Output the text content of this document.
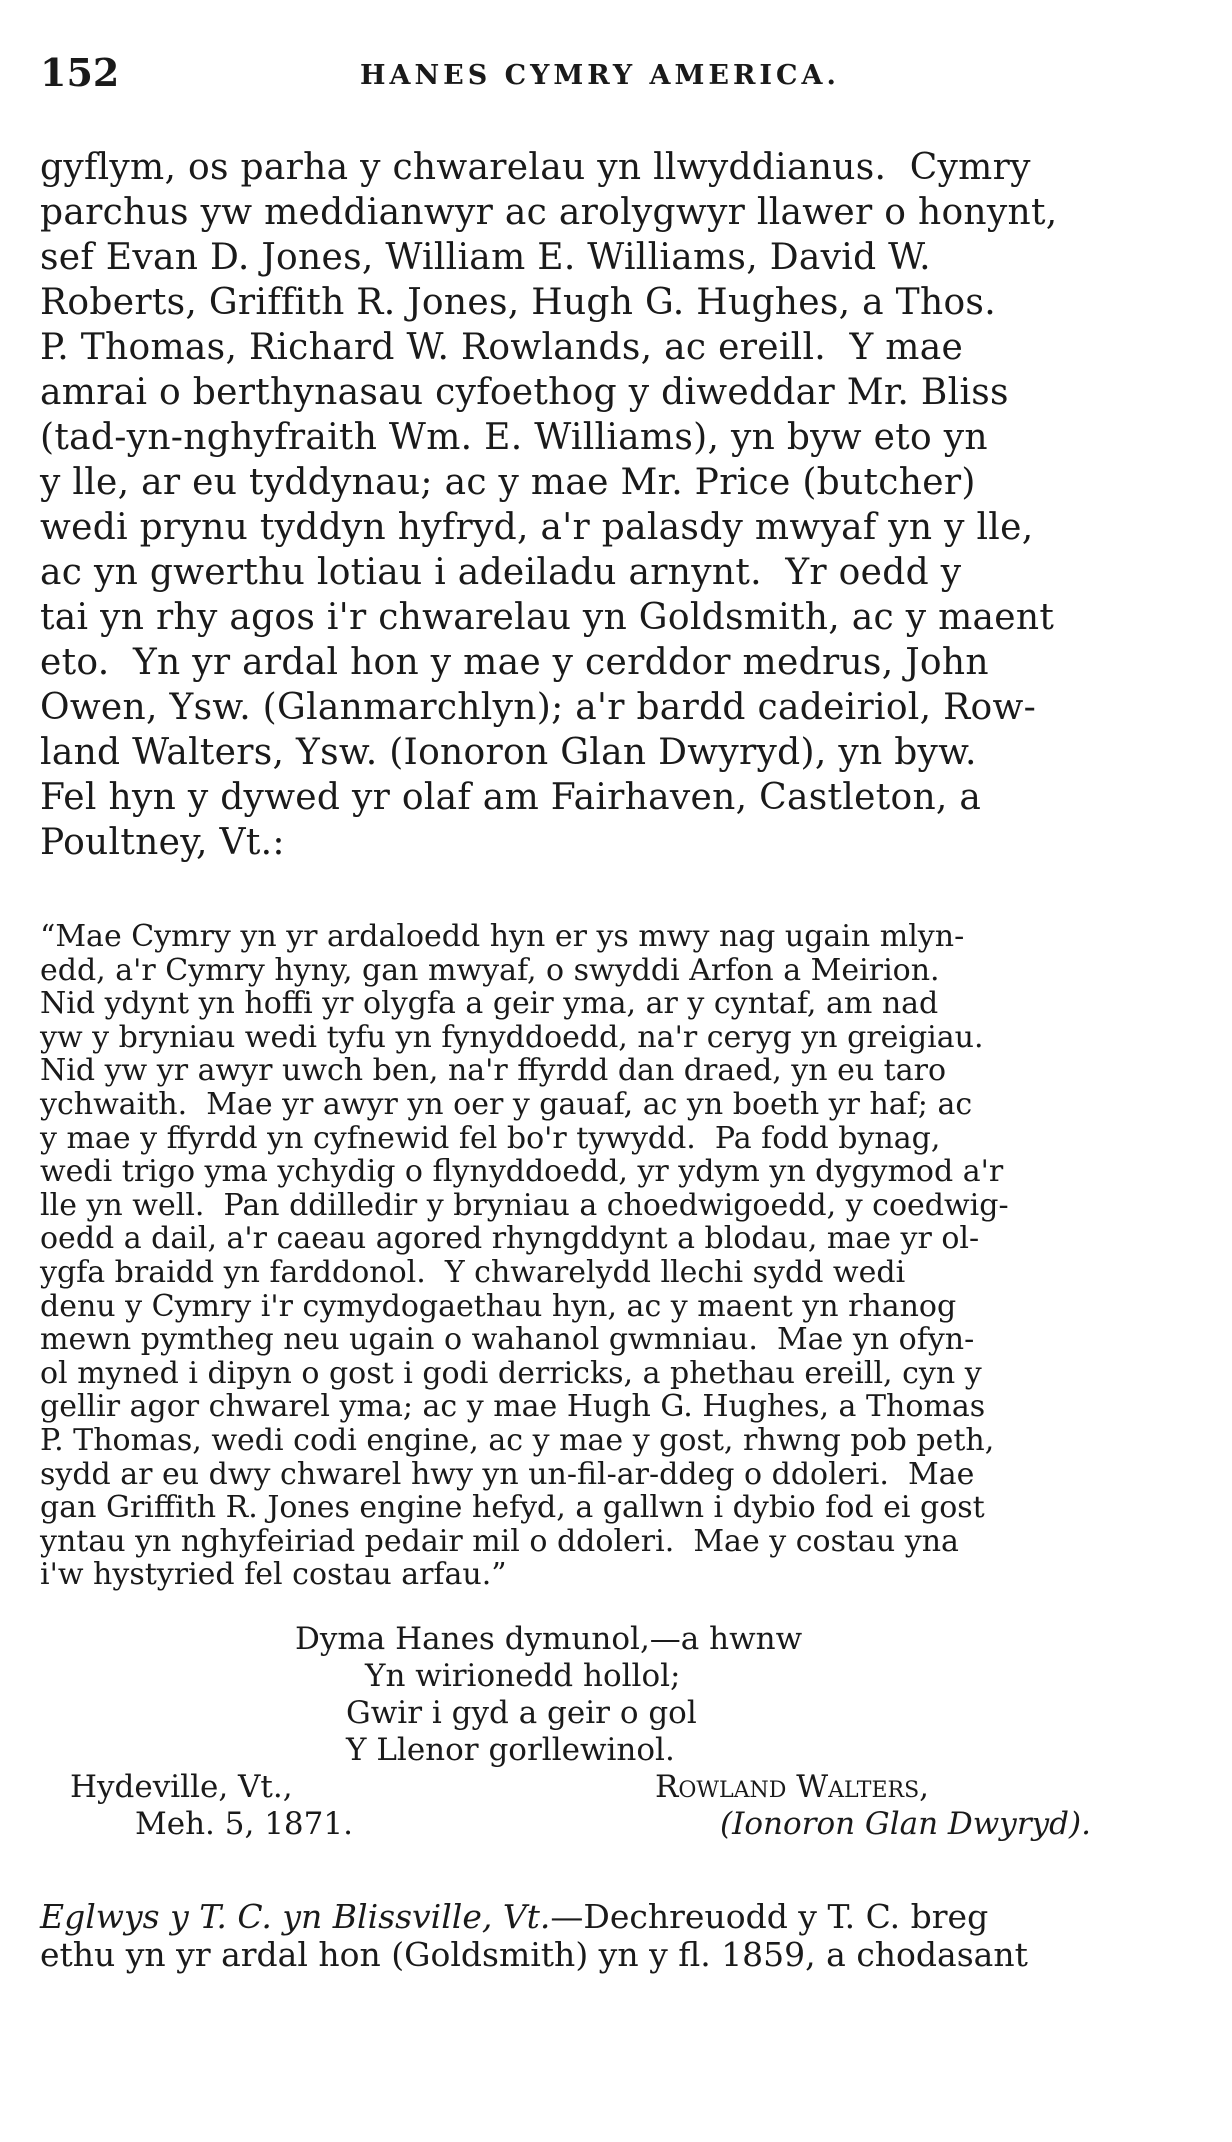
152	HANES CYMRY AMERICA.
gyflym, os parha y chwarelau yn llwyddianus.  Cymry
parchus yw meddianwyr ac arolygwyr llawer o honynt,
sef Evan D. Jones, William E. Williams, David W.
Roberts, Griffith R. Jones, Hugh G. Hughes, a Thos.
P. Thomas, Richard W. Rowlands, ac ereill.  Y mae
amrai o berthynasau cyfoethog y diweddar Mr. Bliss
(tad-yn-nghyfraith Wm. E. Williams), yn byw eto yn
y lle, ar eu tyddynau; ac y mae Mr. Price (butcher)
wedi prynu tyddyn hyfryd, a'r palasdy mwyaf yn y lle,
ac yn gwerthu lotiau i adeiladu arnynt.  Yr oedd y
tai yn rhy agos i'r chwarelau yn Goldsmith, ac y maent
eto.  Yn yr ardal hon y mae y cerddor medrus, John
Owen, Ysw. (Glanmarchlyn); a'r bardd cadeiriol, Row-
land Walters, Ysw. (Ionoron Glan Dwyryd), yn byw.
Fel hyn y dywed yr olaf am Fairhaven, Castleton, a
Poultney, Vt.:
“Mae Cymry yn yr ardaloedd hyn er ys mwy nag ugain mlyn-
edd, a'r Cymry hyny, gan mwyaf, o swyddi Arfon a Meirion.
Nid ydynt yn hoffi yr olygfa a geir yma, ar y cyntaf, am nad
yw y bryniau wedi tyfu yn fynyddoedd, na'r ceryg yn greigiau.
Nid yw yr awyr uwch ben, na'r ffyrdd dan draed, yn eu taro
ychwaith.  Mae yr awyr yn oer y gauaf, ac yn boeth yr haf; ac
y mae y ffyrdd yn cyfnewid fel bo'r tywydd.  Pa fodd bynag,
wedi trigo yma ychydig o flynyddoedd, yr ydym yn dygymod a'r
lle yn well.  Pan ddilledir y bryniau a choedwigoedd, y coedwig-
oedd a dail, a'r caeau agored rhyngddynt a blodau, mae yr ol-
ygfa braidd yn farddonol.  Y chwarelydd llechi sydd wedi
denu y Cymry i'r cymydogaethau hyn, ac y maent yn rhanog
mewn pymtheg neu ugain o wahanol gwmniau.  Mae yn ofyn-
ol myned i dipyn o gost i godi derricks, a phethau ereill, cyn y
gellir agor chwarel yma; ac y mae Hugh G. Hughes, a Thomas
P. Thomas, wedi codi engine, ac y mae y gost, rhwng pob peth,
sydd ar eu dwy chwarel hwy yn un-fil-ar-ddeg o ddoleri.  Mae
gan Griffith R. Jones engine hefyd, a gallwn i dybio fod ei gost
yntau yn nghyfeiriad pedair mil o ddoleri.  Mae y costau yna
i'w hystyried fel costau arfau.”
Dyma Hanes dymunol,—a hwnw
Yn wirionedd hollol;
Gwir i gyd a geir o gol
Y Llenor gorllewinol.
Hydeville, Vt.,
Meh. 5, 1871.
Rowland Walters,
(Ionoron Glan Dwyryd).
Eglwys y T. C. yn Blissville, Vt.—Dechreuodd y T. C. breg
ethu yn yr ardal hon (Goldsmith) yn y fl. 1859, a chodasant
